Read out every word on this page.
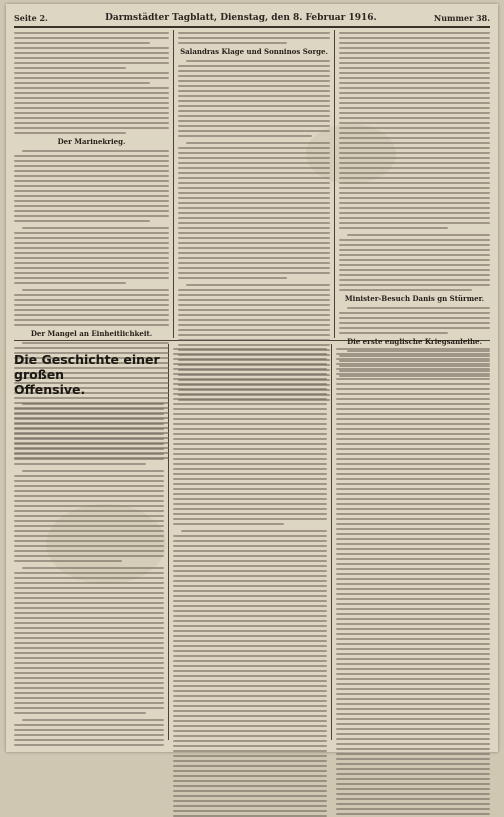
Seite 2.	Darmstädter Tagblatt, Dienstag, den 8. Februar 1916.	Nummer 38.
Der Marinekrieg.
Der Mangel an Einheitlichkeit.
Salandras Klage und Sonninos Sorge.
Minister-Besuch Danis gn Stürmer.
Die erste englische Kriegsanleihe.
Die Geschichte einer großen
Offensive.
